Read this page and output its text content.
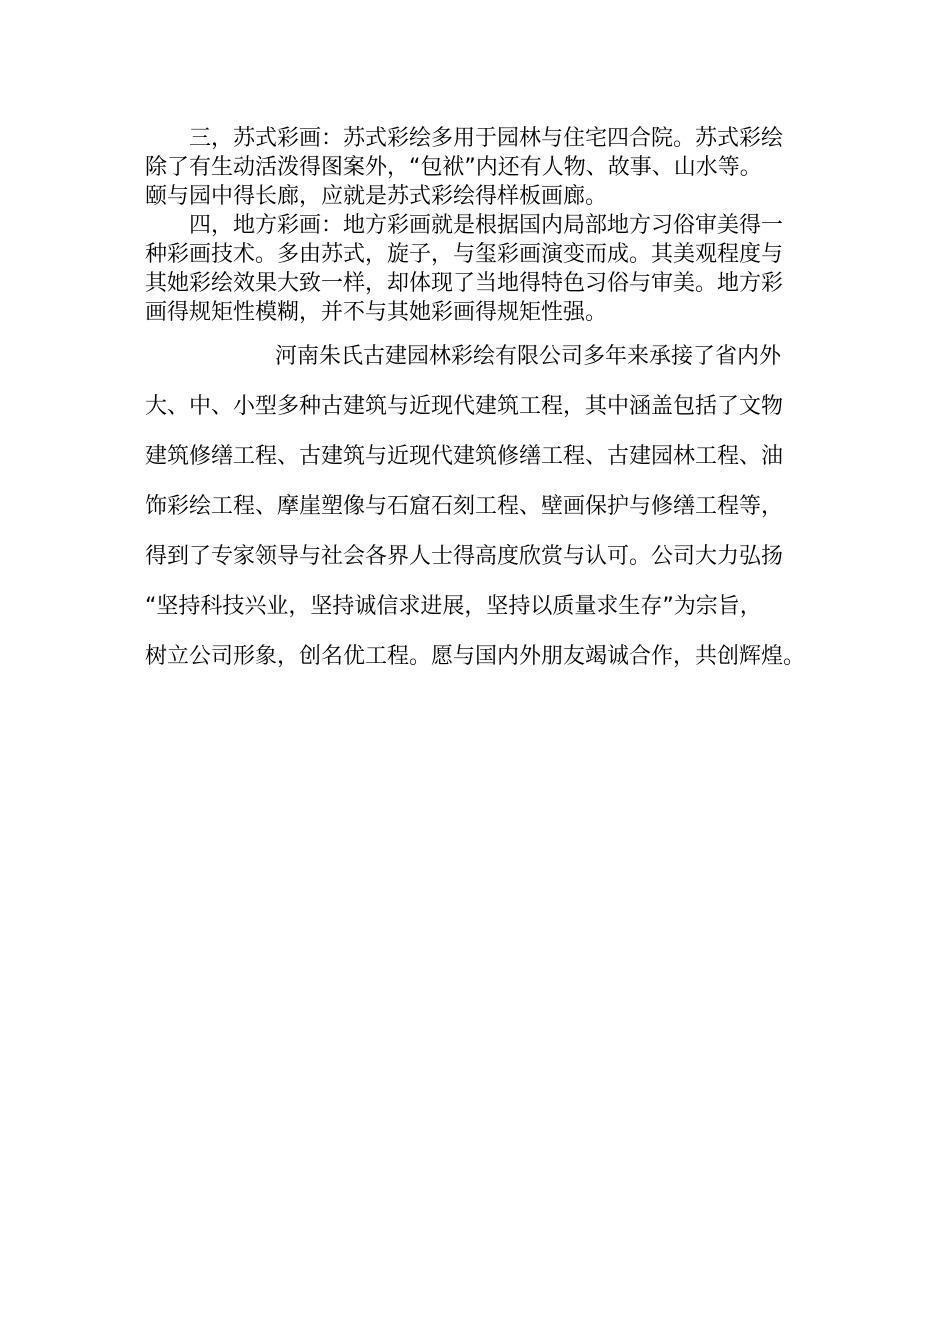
三，苏式彩画：苏式彩绘多用于园林与住宅四合院。苏式彩绘
除了有生动活泼得图案外，“包袱”内还有人物、故事、山水等。
颐与园中得长廊，应就是苏式彩绘得样板画廊。
四，地方彩画：地方彩画就是根据国内局部地方习俗审美得一
种彩画技术。多由苏式，旋子，与玺彩画演变而成。其美观程度与
其她彩绘效果大致一样，却体现了当地得特色习俗与审美。地方彩
画得规矩性模糊，并不与其她彩画得规矩性强。
河南朱氏古建园林彩绘有限公司多年来承接了省内外
大、中、小型多种古建筑与近现代建筑工程，其中涵盖包括了文物
建筑修缮工程、古建筑与近现代建筑修缮工程、古建园林工程、油
饰彩绘工程、摩崖塑像与石窟石刻工程、壁画保护与修缮工程等，
得到了专家领导与社会各界人士得高度欣赏与认可。公司大力弘扬
“坚持科技兴业，坚持诚信求进展，坚持以质量求生存”为宗旨，
树立公司形象，创名优工程。愿与国内外朋友竭诚合作，共创辉煌。
